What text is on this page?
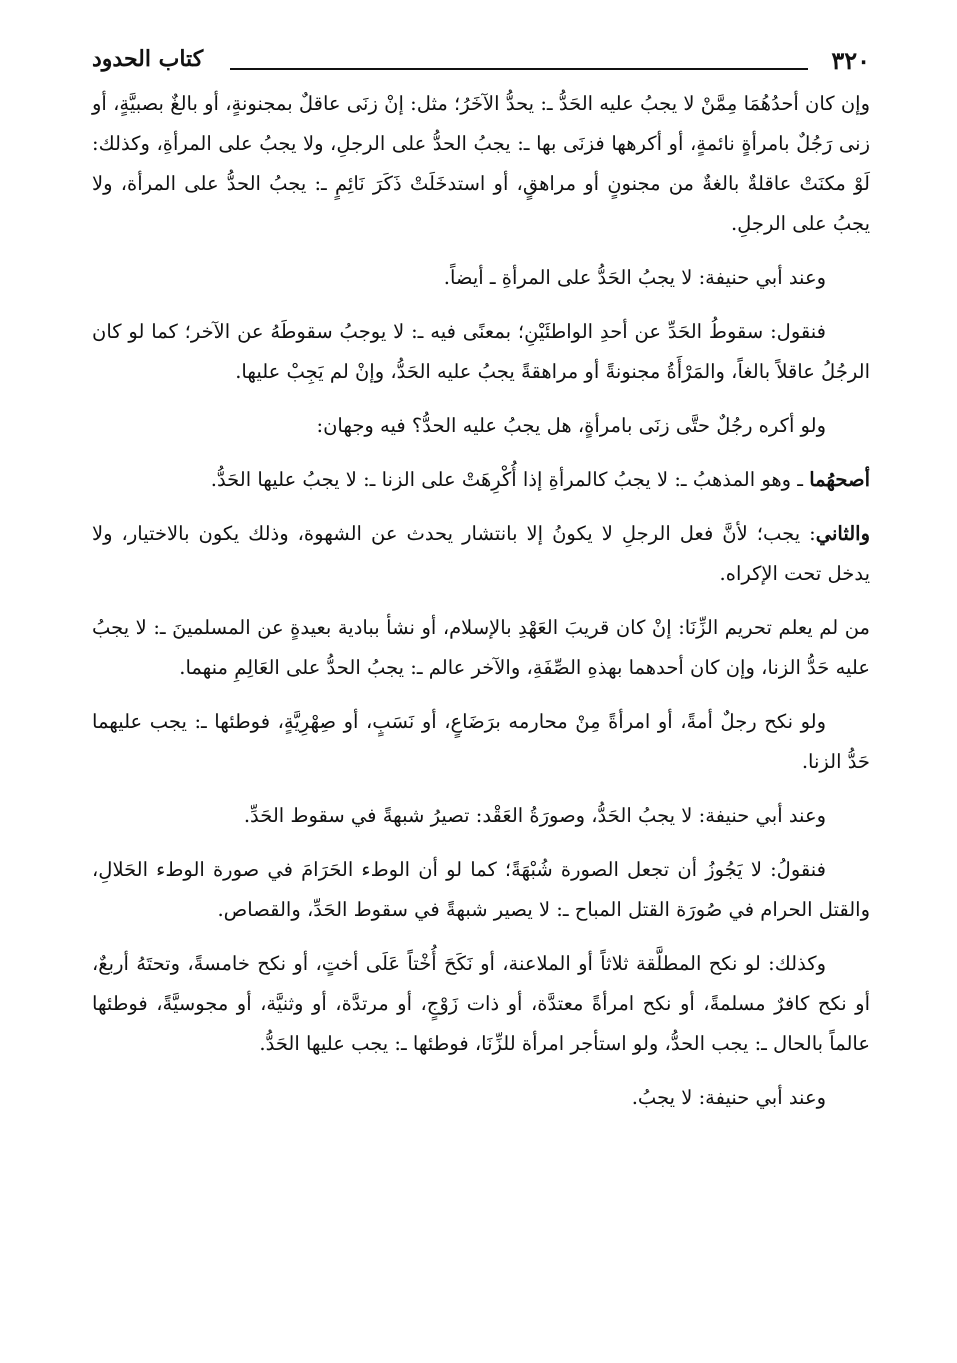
٣٢٠
كتاب الحدود

وإن كان أحدُهُمَا مِمَّنْ لا يجبُ عليه الحَدُّ ـ: يحدُّ الآخَرُ؛ مثل: إنْ زنَى عاقلٌ بمجنونةٍ، أو بالغٌ بصبيَّةٍ، أو زنى رَجُلٌ بامرأةٍ نائمةٍ، أو أكرهها فزنَى بها ـ: يجبُ الحدُّ على الرجلِ، ولا يجبُ على المرأةِ، وكذلك: لَوْ مكنَتْ عاقلةٌ بالغةٌ من مجنونٍ أو مراهقٍ، أو استدخَلَتْ ذَكَرَ نَائِمٍ ـ: يجبُ الحدُّ على المرأة، ولا يجبُ على الرجلِ.

وعند أبي حنيفة: لا يجبُ الحَدُّ على المرأةِ ـ أيضاً.

فنقول: سقوطُ الحَدِّ عن أحدِ الواطئَيْنِ؛ بمعنًى فيه ـ: لا يوجبُ سقوطَهُ عن الآخر؛ كما لو كان الرجُلُ عاقلاً بالغاً، والمَرْأَةُ مجنونةً أو مراهقةً يجبُ عليه الحَدُّ، وإنْ لم يَجِبْ عليها.

ولو أكره رجُلٌ حتَّى زنَى بامرأةٍ، هل يجبُ عليه الحدُّ؟ فيه وجهان:

أصحهُما ـ وهو المذهبُ ـ: لا يجبُ كالمرأةِ إذا أُكْرِهَتْ على الزنا ـ: لا يجبُ عليها الحَدُّ.

والثاني: يجب؛ لأنَّ فعل الرجلِ لا يكونُ إلا بانتشار يحدث عن الشهوة، وذلك يكون بالاختيار، ولا يدخل تحت الإكراه.

من لم يعلم تحريم الزِّنَا: إنْ كان قريبَ العَهْدِ بالإسلام، أو نشأ ببادية بعيدةٍ عن المسلمينَ ـ: لا يجبُ عليه حَدُّ الزنا، وإن كان أحدهما بهذهِ الصِّفَةِ، والآخر عالم ـ: يجبُ الحدُّ على العَالِمِ منهما.

ولو نكح رجلٌ أمةً، أو امرأةً مِنْ محارمه برَضَاعٍ، أو نَسَبٍ، أو صِهْرِيَّةٍ، فوطئها ـ: يجب عليهما حَدُّ الزنا.

وعند أبي حنيفة: لا يجبُ الحَدُّ، وصورَةُ العَقْد: تصيرُ شبهةً في سقوط الحَدِّ.

فنقولُ: لا يَجُوزُ أن تجعل الصورة شُبْهَةً؛ كما لو أن الوطء الحَرَامَ في صورة الوطء الحَلالِ، والقتل الحرام في صُورَة القتل المباح ـ: لا يصير شبهةً في سقوط الحَدِّ، والقصاص.

وكذلك: لو نكح المطلَّقة ثلاثاً أو الملاعنة، أو نَكَحَ أُخْتاً عَلَى أختٍ، أو نكح خامسةً، وتحتَهُ أربعٌ، أو نكح كافرٌ مسلمةً، أو نكح امرأةً معتدَّة، أو ذات زَوْجٍ، أو مرتدَّة، أو وثنيَّة، أو مجوسيَّةً، فوطئها عالماً بالحال ـ: يجب الحدُّ، ولو استأجر امرأة للزِّنَا، فوطئها ـ: يجب عليها الحَدُّ.

وعند أبي حنيفة: لا يجبُ.
